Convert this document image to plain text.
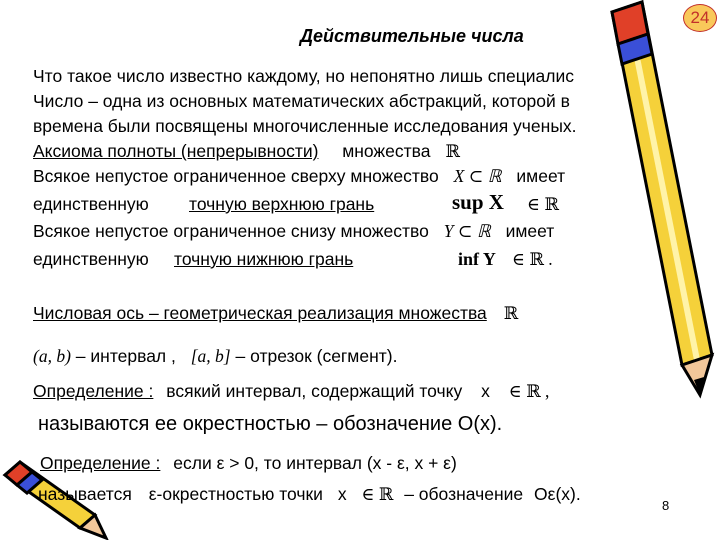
24
Действительные числа
Что такое число известно каждому, но непонятно лишь специалис
Число – одна из основных математических абстракций, которой в
времена были посвящены многочисленные исследования ученых.
Аксиома полноты (непрерывности) множества ℝ
Всякое непустое ограниченное сверху множество X ⊂ ℝ имеет
единственную точную верхнюю грань	sup X ∈ ℝ
Всякое непустое ограниченное снизу множество Y ⊂ ℝ имеет
единственную точную нижнюю грань	inf Y ∈ ℝ .
Числовая ось – геометрическая реализация множества ℝ
(a, b) – интервал , [a, b] – отрезок (сегмент).
Определение : всякий интервал, содержащий точку x ∈ ℝ ,
называются ее окрестностью – обозначение O(x).
Определение : если ε > 0, то интервал (x - ε, x + ε)
называется ε-окрестностью точки x ∈ ℝ – обозначение Oε(x).
8
